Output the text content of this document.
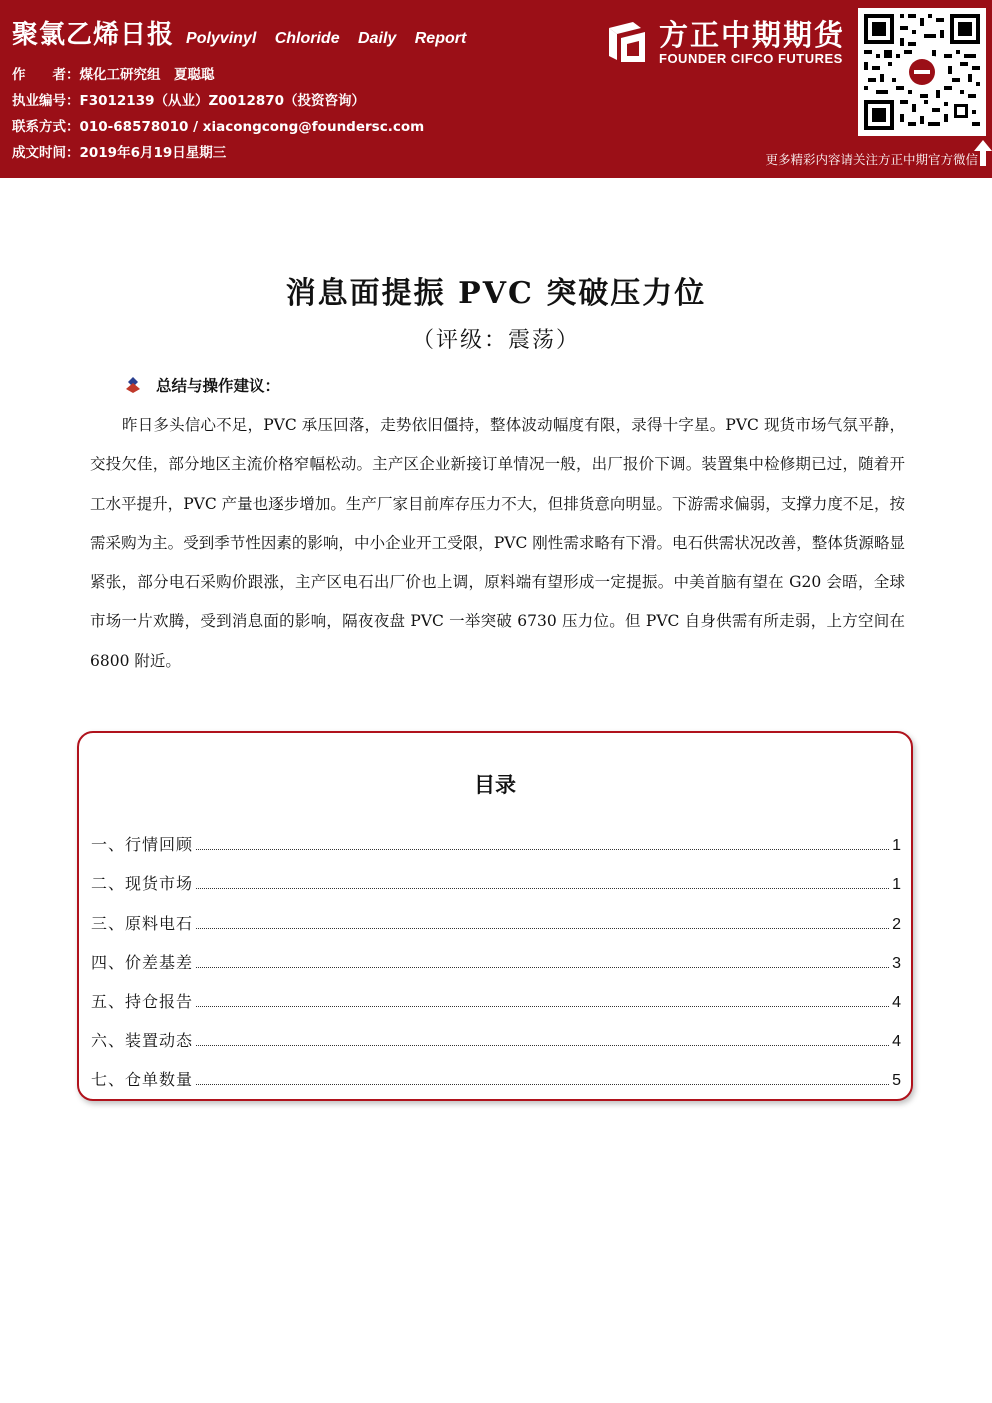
聚氯乙烯日报 Polyvinyl Chloride Daily Report
作　　者：煤化工研究组　夏聪聪
执业编号：F3012139（从业）Z0012870（投资咨询）
联系方式：010-68578010 / xiacongcong@foundersc.com
成文时间：2019年6月19日星期三
方正中期期货
FOUNDER CIFCO FUTURES
更多精彩内容请关注方正中期官方微信
消息面提振 PVC 突破压力位
（评级：震荡）
总结与操作建议：
昨日多头信心不足，PVC 承压回落，走势依旧僵持，整体波动幅度有限，录得十字星。PVC 现货市场气氛平静，交投欠佳，部分地区主流价格窄幅松动。主产区企业新接订单情况一般，出厂报价下调。装置集中检修期已过，随着开工水平提升，PVC 产量也逐步增加。生产厂家目前库存压力不大，但排货意向明显。下游需求偏弱，支撑力度不足，按需采购为主。受到季节性因素的影响，中小企业开工受限，PVC 刚性需求略有下滑。电石供需状况改善，整体货源略显紧张，部分电石采购价跟涨，主产区电石出厂价也上调，原料端有望形成一定提振。中美首脑有望在 G20 会晤，全球市场一片欢腾，受到消息面的影响，隔夜夜盘 PVC 一举突破 6730 压力位。但 PVC 自身供需有所走弱，上方空间在 6800 附近。
目录
一、行情回顾	1
二、现货市场	1
三、原料电石	2
四、价差基差	3
五、持仓报告	4
六、装置动态	4
七、仓单数量	5
